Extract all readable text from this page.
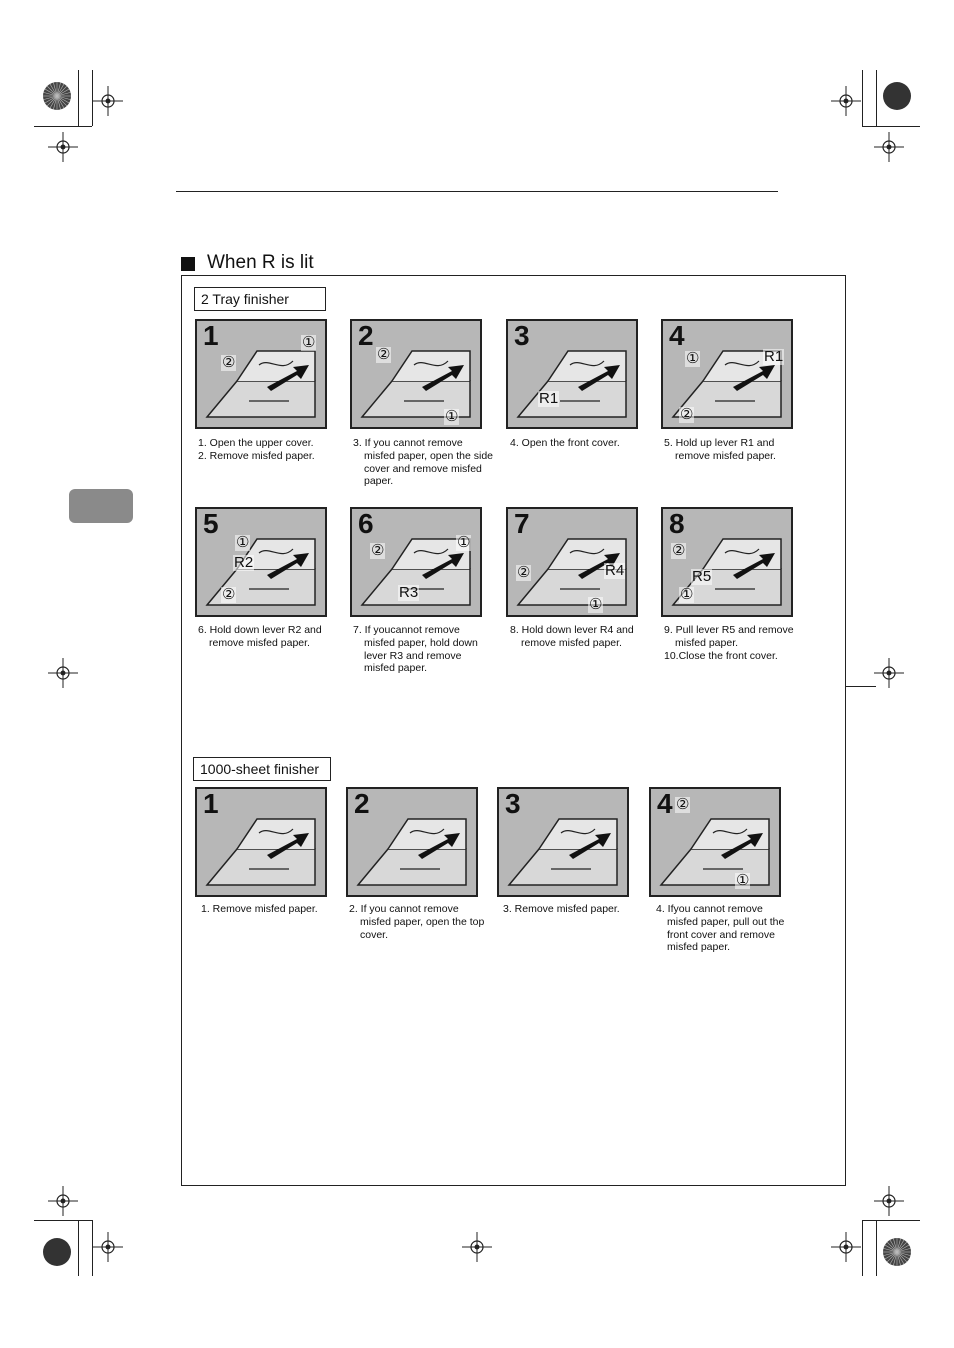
When R is lit
2 Tray finisher
1	①
②
1. Open the upper cover.
2. Remove misfed paper.
2
②
①
3. If you cannot remove misfed paper, open the side cover and remove misfed paper.
3
R1
4. Open the front cover.
4
①	R1
②
5. Hold up lever R1 and remove misfed paper.
5
①
R2
②
6. Hold down lever R2 and remove misfed paper.
6
②	①
R3
7. If youcannot remove misfed paper, hold down lever R3 and remove misfed paper.
7
R4
②
①
8. Hold down lever R4 and remove misfed paper.
8
②
R5
①
9. Pull lever R5 and remove misfed paper.
10.Close the front cover.
1000-sheet finisher
1
1. Remove misfed paper.
2
2. If you cannot remove misfed paper, open the top cover.
3
3. Remove misfed paper.
4 ②
①
4. Ifyou cannot remove misfed paper, pull out the front cover and remove misfed paper.
